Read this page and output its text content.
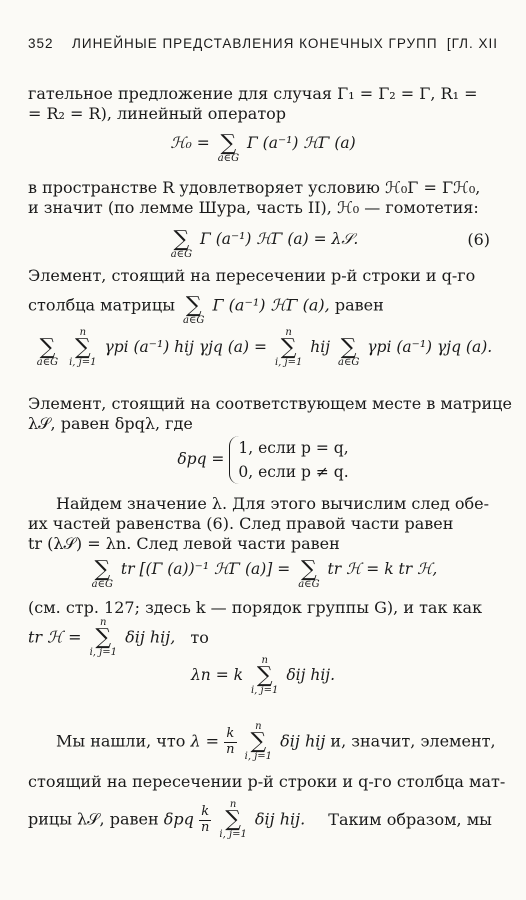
352 ЛИНЕЙНЫЕ ПРЕДСТАВЛЕНИЯ КОНЕЧНЫХ ГРУПП [ГЛ. XII
гательное предложение для случая Γ₁ = Γ₂ = Γ, R₁ =
= R₂ = R), линейный оператор
ℋ₀ =
∑
a∈G
Γ (a⁻¹) ℋΓ (a)
в пространстве R удовлетворяет условию ℋ₀Γ = Γℋ₀,
и значит (по лемме Шура, часть II), ℋ₀ — гомотетия:

∑
a∈G
Γ (a⁻¹) ℋΓ (a) = λ𝒮.	(6)
Элемент, стоящий на пересечении p-й строки и q-го
столбца матрицы
∑
a∈G
Γ (a⁻¹) ℋΓ (a), равен

∑
a∈G

n
∑
i, j=1
γpi (a⁻¹) hij γjq (a) =
n
∑
i, j=1
hij
∑
a∈G
γpi (a⁻¹) γjq (a).
Элемент, стоящий на соответствующем месте в матрице
λ𝒮, равен δpqλ, где
δpq =
1, если p = q,
0, если p ≠ q.
Найдем значение λ. Для этого вычислим след обе-
их частей равенства (6). След правой части равен
tr (λ𝒮) = λn. След левой части равен

∑
a∈G
tr [(Γ (a))⁻¹ ℋΓ (a)] =
∑
a∈G
tr ℋ = k tr ℋ,
(см. стр. 127; здесь k — порядок группы G), и так как
tr ℋ =
n
∑
i, j=1
δij hij, то
λn = k
n
∑
i, j=1
δij hij.
Мы нашли, что $\lambda = \frac{k}{n}$

n
∑
i, j=1
δij hij и, значит, элемент,
стоящий на пересечении p-й строки и q-го столбца мат-
рицы λ𝒮, равен δpq $\frac{k}{n}$

n
∑
i, j=1
δij hij. Таким образом, мы
